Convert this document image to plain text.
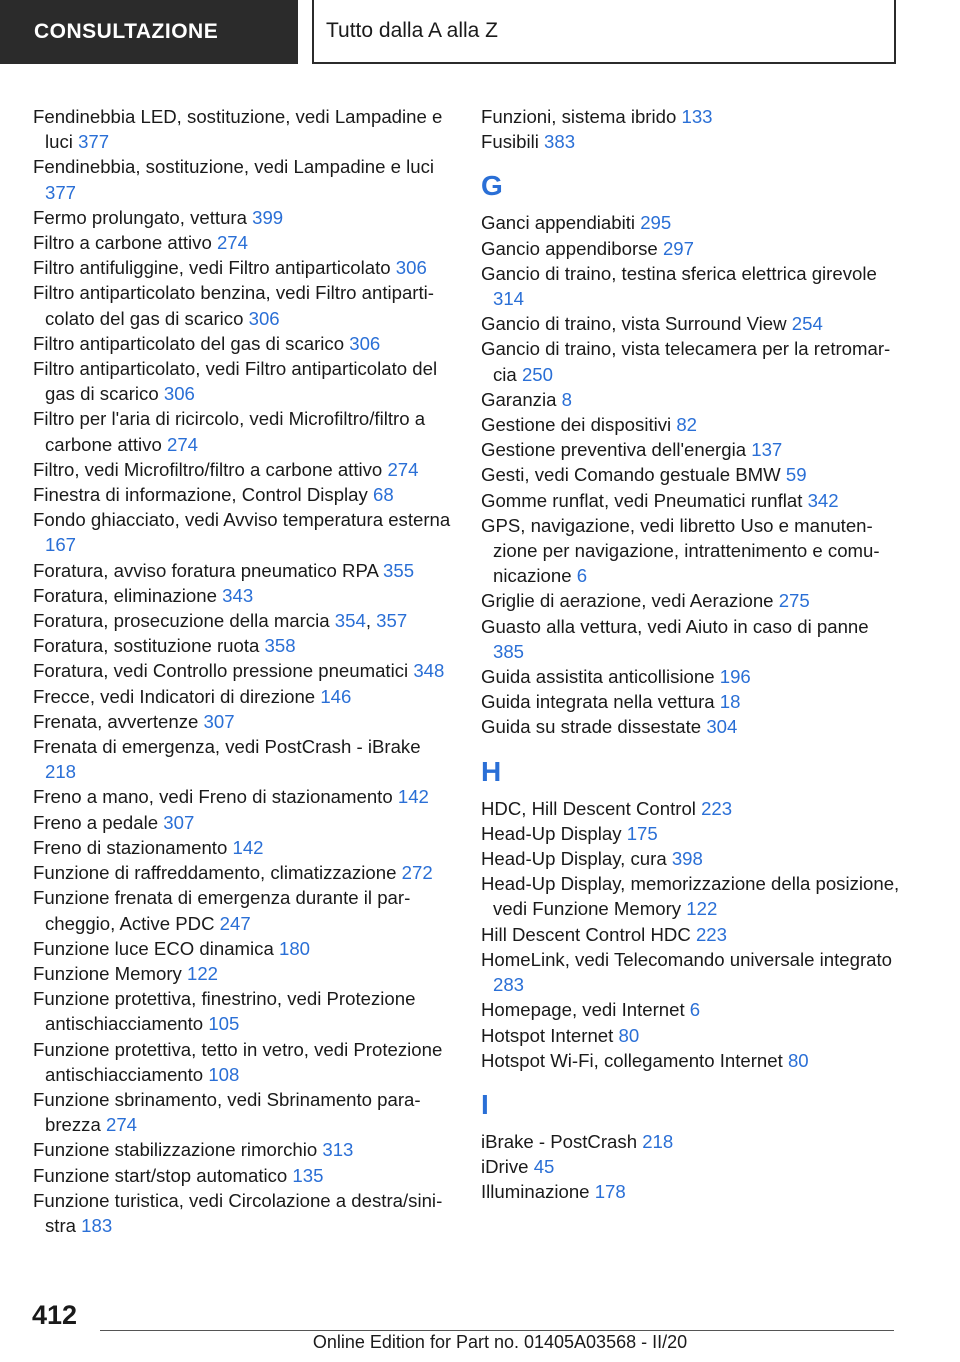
CONSULTAZIONE	Tutto dalla A alla Z
Fendinebbia LED, sostituzione, vedi Lampadine e luci 377
Fendinebbia, sostituzione, vedi Lampadine e luci 377
Fermo prolungato, vettura 399
Filtro a carbone attivo 274
Filtro antifuliggine, vedi Filtro antiparticolato 306
Filtro antiparticolato benzina, vedi Filtro antiparticolato del gas di scarico 306
Filtro antiparticolato del gas di scarico 306
Filtro antiparticolato, vedi Filtro antiparticolato del gas di scarico 306
Filtro per l'aria di ricircolo, vedi Microfiltro/filtro a carbone attivo 274
Filtro, vedi Microfiltro/filtro a carbone attivo 274
Finestra di informazione, Control Display 68
Fondo ghiacciato, vedi Avviso temperatura esterna 167
Foratura, avviso foratura pneumatico RPA 355
Foratura, eliminazione 343
Foratura, prosecuzione della marcia 354, 357
Foratura, sostituzione ruota 358
Foratura, vedi Controllo pressione pneumatici 348
Frecce, vedi Indicatori di direzione 146
Frenata, avvertenze 307
Frenata di emergenza, vedi PostCrash - iBrake 218
Freno a mano, vedi Freno di stazionamento 142
Freno a pedale 307
Freno di stazionamento 142
Funzione di raffreddamento, climatizzazione 272
Funzione frenata di emergenza durante il parcheggio, Active PDC 247
Funzione luce ECO dinamica 180
Funzione Memory 122
Funzione protettiva, finestrino, vedi Protezione antischiacciamento 105
Funzione protettiva, tetto in vetro, vedi Protezione antischiacciamento 108
Funzione sbrinamento, vedi Sbrinamento parabrezza 274
Funzione stabilizzazione rimorchio 313
Funzione start/stop automatico 135
Funzione turistica, vedi Circolazione a destra/sinistra 183
Funzioni, sistema ibrido 133
Fusibili 383
G
Ganci appendiabiti 295
Gancio appendiborse 297
Gancio di traino, testina sferica elettrica girevole 314
Gancio di traino, vista Surround View 254
Gancio di traino, vista telecamera per la retromarcia 250
Garanzia 8
Gestione dei dispositivi 82
Gestione preventiva dell'energia 137
Gesti, vedi Comando gestuale BMW 59
Gomme runflat, vedi Pneumatici runflat 342
GPS, navigazione, vedi libretto Uso e manutenzione per navigazione, intrattenimento e comunicazione 6
Griglie di aerazione, vedi Aerazione 275
Guasto alla vettura, vedi Aiuto in caso di panne 385
Guida assistita anticollisione 196
Guida integrata nella vettura 18
Guida su strade dissestate 304
H
HDC, Hill Descent Control 223
Head-Up Display 175
Head-Up Display, cura 398
Head-Up Display, memorizzazione della posizione, vedi Funzione Memory 122
Hill Descent Control HDC 223
HomeLink, vedi Telecomando universale integrato 283
Homepage, vedi Internet 6
Hotspot Internet 80
Hotspot Wi-Fi, collegamento Internet 80
I
iBrake - PostCrash 218
iDrive 45
Illuminazione 178
412
Online Edition for Part no. 01405A03568 - II/20
